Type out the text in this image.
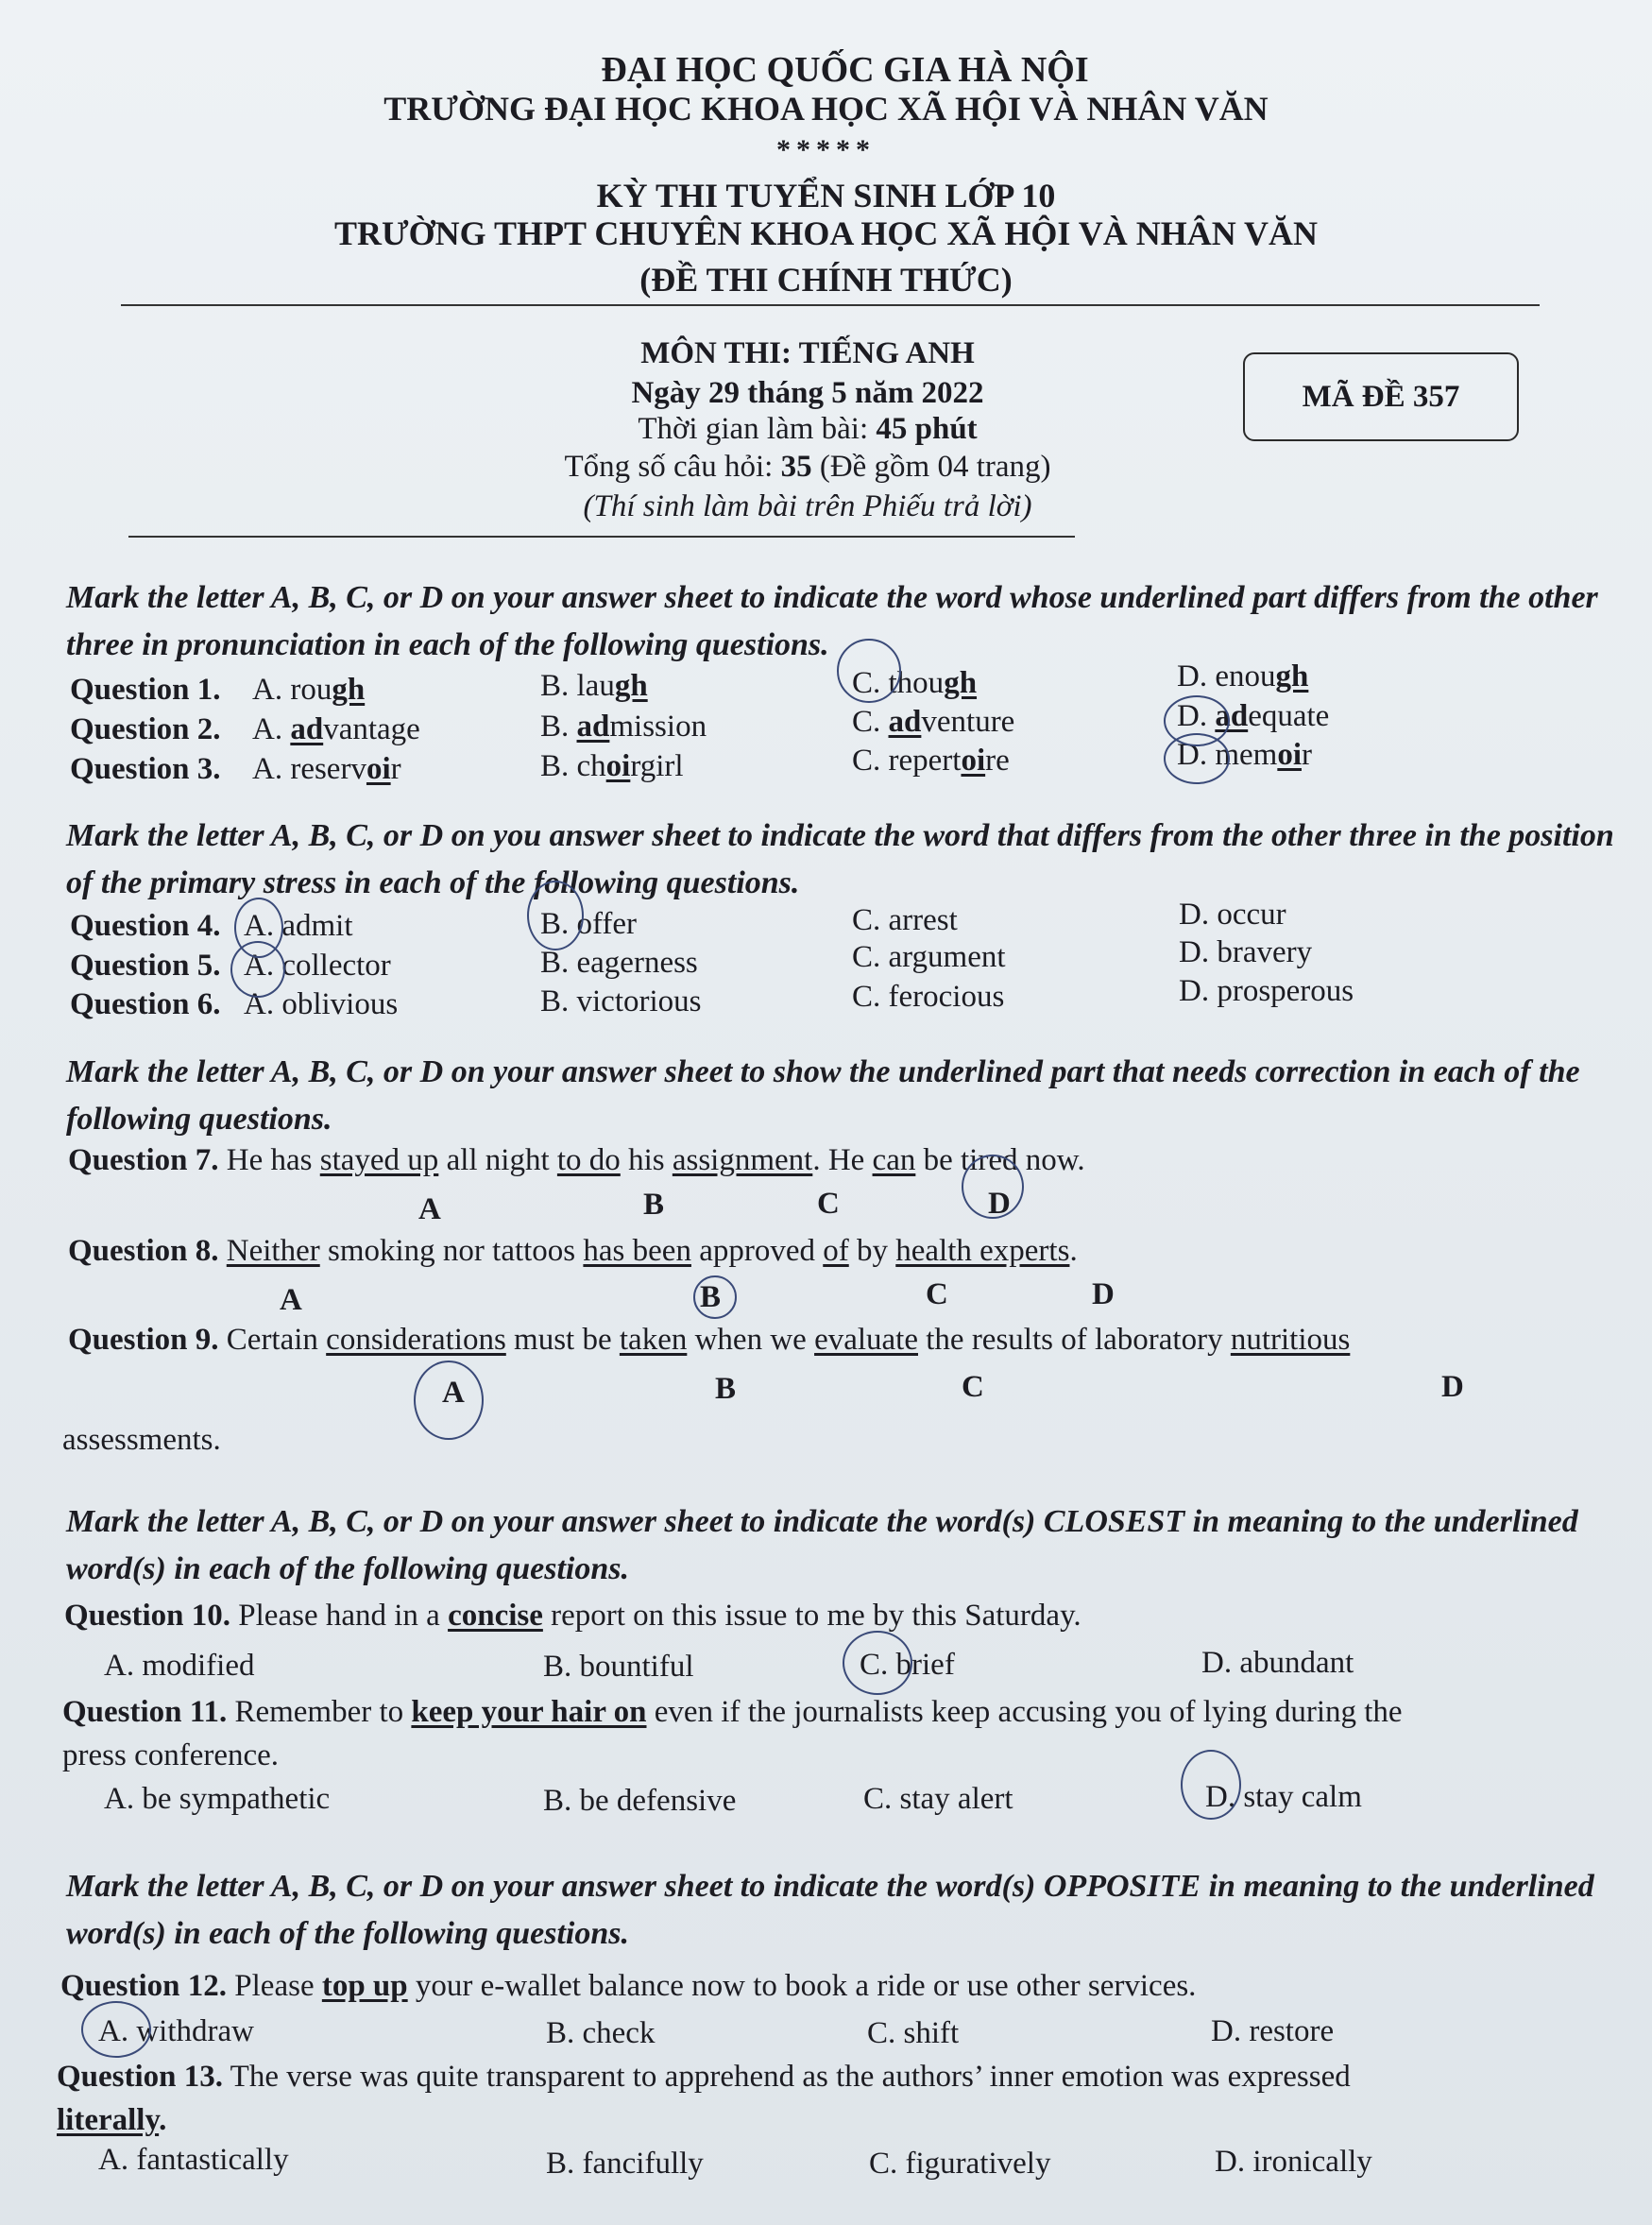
ĐẠI HỌC QUỐC GIA HÀ NỘI
TRƯỜNG ĐẠI HỌC KHOA HỌC XÃ HỘI VÀ NHÂN VĂN
*****
KỲ THI TUYỂN SINH LỚP 10
TRƯỜNG THPT CHUYÊN KHOA HỌC XÃ HỘI VÀ NHÂN VĂN
(ĐỀ THI CHÍNH THỨC)
MÔN THI: TIẾNG ANH
Ngày 29 tháng 5 năm 2022
Thời gian làm bài: 45 phút
Tổng số câu hỏi: 35 (Đề gồm 04 trang)
(Thí sinh làm bài trên Phiếu trả lời)
MÃ ĐỀ 357
Mark the letter A, B, C, or D on your answer sheet to indicate the word whose underlined part differs from the other three in pronunciation in each of the following questions.
Question 1. A. rough	B. laugh	C. though	D. enough
Question 2. A. advantage	B. admission	C. adventure	D. adequate
Question 3. A. reservoir	B. choirgirl	C. repertoire	D. memoir
Mark the letter A, B, C, or D on you answer sheet to indicate the word that differs from the other three in the position of the primary stress in each of the following questions.
Question 4. A. admit	B. offer	C. arrest	D. occur
Question 5. A. collector	B. eagerness	C. argument	D. bravery
Question 6. A. oblivious	B. victorious	C. ferocious	D. prosperous
Mark the letter A, B, C, or D on your answer sheet to show the underlined part that needs correction in each of the following questions.
Question 7. He has stayed up all night to do his assignment. He can be tired now.
A	B	C	D
Question 8. Neither smoking nor tattoos has been approved of by health experts.
A	B	C	D
Question 9. Certain considerations must be taken when we evaluate the results of laboratory nutritious
assessments.
A	B	C	D
Mark the letter A, B, C, or D on your answer sheet to indicate the word(s) CLOSEST in meaning to the underlined word(s) in each of the following questions.
Question 10. Please hand in a concise report on this issue to me by this Saturday.
A. modified	B. bountiful	C. brief	D. abundant
Question 11. Remember to keep your hair on even if the journalists keep accusing you of lying during the
press conference.
A. be sympathetic	B. be defensive	C. stay alert	D. stay calm
Mark the letter A, B, C, or D on your answer sheet to indicate the word(s) OPPOSITE in meaning to the underlined word(s) in each of the following questions.
Question 12. Please top up your e-wallet balance now to book a ride or use other services.
A. withdraw	B. check	C. shift	D. restore
Question 13. The verse was quite transparent to apprehend as the authors’ inner emotion was expressed
literally.
A. fantastically	B. fancifully	C. figuratively	D. ironically
